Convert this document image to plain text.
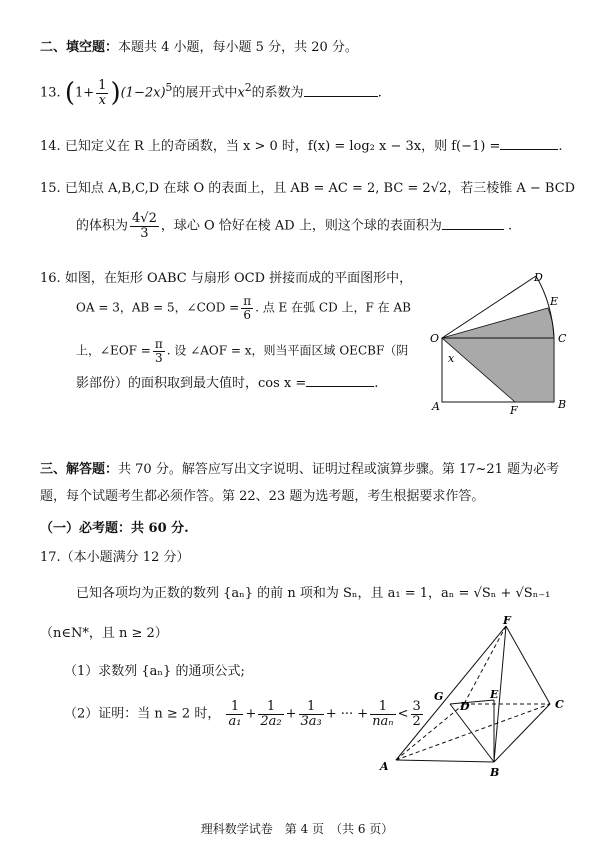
二、填空题：本题共 4 小题，每小题 5 分，共 20 分。
13. $(1+ \frac{1}{x} )(1-2x)^5$的展开式中$x^2$的系数为	.
14. 已知定义在 R 上的奇函数，当 x > 0 时，f(x) = log₂ x − 3x，则 f(−1) =	.
15. 已知点 A,B,C,D 在球 O 的表面上，且 AB = AC = 2, BC = 2√2，若三棱锥 A − BCD
的体积为 $\frac{4√2}{3}$ ，球心 O 恰好在棱 AD 上，则这个球的表面积为	.
16. 如图，在矩形 OABC 与扇形 OCD 拼接而成的平面图形中，
OA = 3，AB = 5，∠COD = $\frac{\pi}{6}$ . 点 E 在弧 CD 上，F 在 AB
上，∠EOF = $\frac{\pi}{3}$ . 设 ∠AOF = x，则当平面区域 OECBF（阴
影部份）的面积取到最大值时，cos x =	.
D
E
O	C
x
A	F	B
三、解答题：共 70 分。解答应写出文字说明、证明过程或演算步骤。第 17~21 题为必考
题，每个试题考生都必须作答。第 22、23 题为选考题，考生根据要求作答。
（一）必考题：共 60 分.
17.（本小题满分 12 分）
已知各项均为正数的数列 {aₙ} 的前 n 项和为 Sₙ，且 a₁ = 1，aₙ = √Sₙ + √Sₙ₋₁
（n∈N*，且 n ≥ 2）
（1）求数列 {aₙ} 的通项公式;
（2）证明：当 n ≥ 2 时， $\frac{1}{\text{a₁}} + \frac{1}{\text{2a₂}} + \frac{1}{\text{3a₃}}$ + ··· + $\frac{1}{\text{naₙ}} < \frac{3}{2}$
F
G	E
D	C
A	B
理科数学试卷　第 4 页　（共 6 页）
